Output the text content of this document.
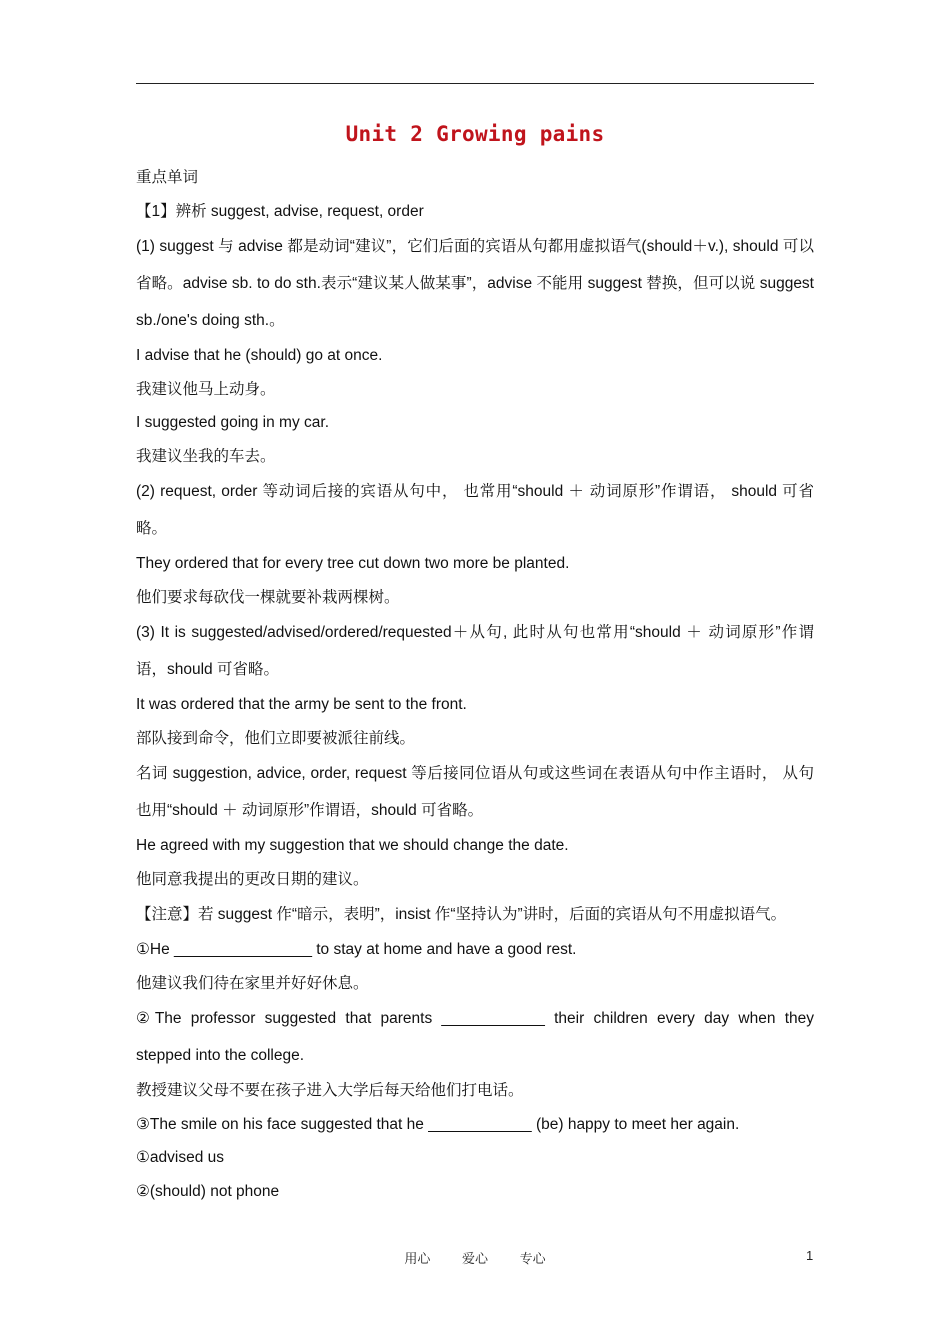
Unit 2 Growing pains
重点单词
【1】辨析 suggest, advise, request, order
(1) suggest 与 advise 都是动词“建议”，它们后面的宾语从句都用虚拟语气(should＋v.), should 可以省略。advise sb. to do sth.表示“建议某人做某事”，advise 不能用 suggest 替换，但可以说 suggest sb./one's doing sth.。
I advise that he (should) go at once.
我建议他马上动身。
I suggested going in my car.
我建议坐我的车去。
(2) request, order 等动词后接的宾语从句中， 也常用“should ＋ 动词原形”作谓语， should 可省略。
They ordered that for every tree cut down two more be planted.
他们要求每砍伐一棵就要补栽两棵树。
(3) It is suggested/advised/ordered/requested＋从句, 此时从句也常用“should ＋ 动词原形”作谓语，should 可省略。
It was ordered that the army be sent to the front.
部队接到命令，他们立即要被派往前线。
名词 suggestion, advice, order, request 等后接同位语从句或这些词在表语从句中作主语时， 从句也用“should ＋ 动词原形”作谓语，should 可省略。
He agreed with my suggestion that we should change the date.
他同意我提出的更改日期的建议。
【注意】若 suggest 作“暗示，表明”，insist 作“坚持认为”讲时，后面的宾语从句不用虚拟语气。
①He ________________ to stay at home and have a good rest.
他建议我们待在家里并好好休息。
②The professor suggested that parents ____________ their children every day when they stepped into the college.
教授建议父母不要在孩子进入大学后每天给他们打电话。
③The smile on his face suggested that he ____________ (be) happy to meet her again.
①advised us
②(should) not phone
用心 爱心 专心	1
